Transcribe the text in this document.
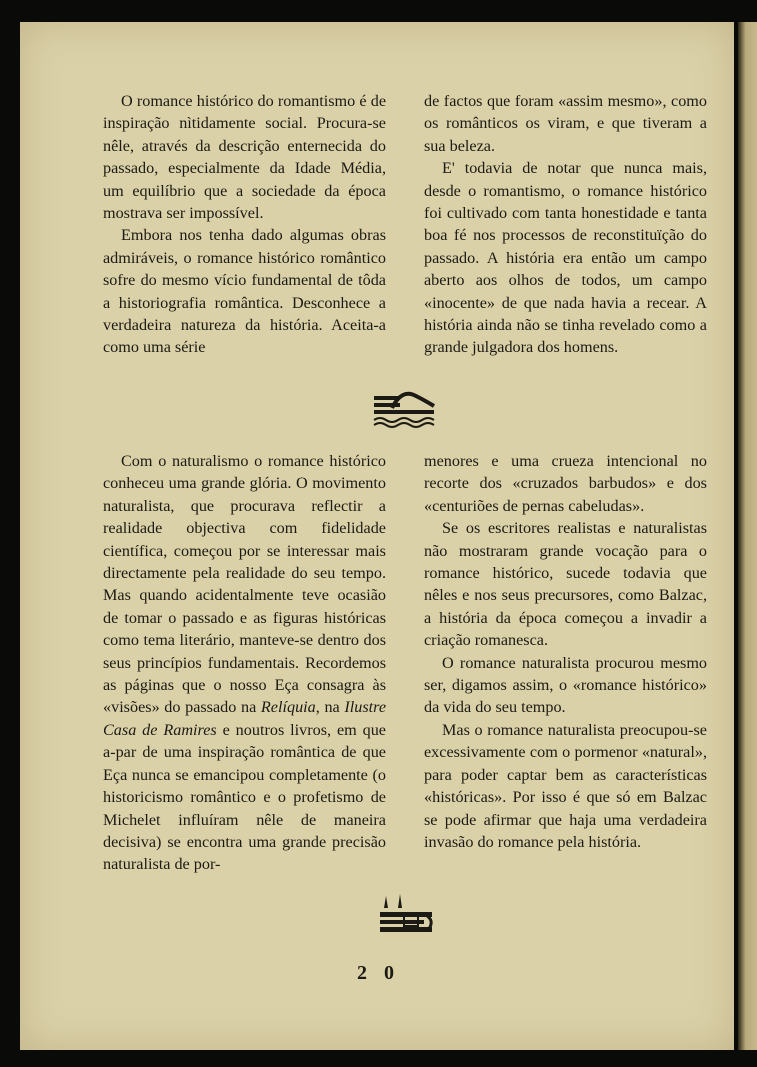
O romance histórico do romantismo é de inspiração nìtidamente social. Procura-se nêle, através da descrição enternecida do passado, especialmente da Idade Média, um equilíbrio que a sociedade da época mostrava ser impossível.

Embora nos tenha dado algumas obras admiráveis, o romance histórico romântico sofre do mesmo vício fundamental de tôda a historiografia romântica. Desconhece a verdadeira natureza da história. Aceita-a como uma série

de factos que foram «assim mesmo», como os românticos os viram, e que tiveram a sua beleza.

E' todavia de notar que nunca mais, desde o romantismo, o romance histórico foi cultivado com tanta honestidade e tanta boa fé nos processos de reconstituïção do passado. A história era então um campo aberto aos olhos de todos, um campo «inocente» de que nada havia a recear. A história ainda não se tinha revelado como a grande julgadora dos homens.

Com o naturalismo o romance histórico conheceu uma grande glória. O movimento naturalista, que procurava reflectir a realidade objectiva com fidelidade científica, começou por se interessar mais directamente pela realidade do seu tempo. Mas quando acidentalmente teve ocasião de tomar o passado e as figuras históricas como tema literário, manteve-se dentro dos seus princípios fundamentais. Recordemos as páginas que o nosso Eça consagra às «visões» do passado na Relíquia, na Ilustre Casa de Ramires e noutros livros, em que a-par de uma inspiração romântica de que Eça nunca se emancipou completamente (o historicismo romântico e o profetismo de Michelet influíram nêle de maneira decisiva) se encontra uma grande precisão naturalista de por-

menores e uma crueza intencional no recorte dos «cruzados barbudos» e dos «centuriões de pernas cabeludas».

Se os escritores realistas e naturalistas não mostraram grande vocação para o romance histórico, sucede todavia que nêles e nos seus precursores, como Balzac, a história da época começou a invadir a criação romanesca.

O romance naturalista procurou mesmo ser, digamos assim, o «romance histórico» da vida do seu tempo.

Mas o romance naturalista preocupou-se excessivamente com o pormenor «natural», para poder captar bem as características «históricas». Por isso é que só em Balzac se pode afirmar que haja uma verdadeira invasão do romance pela história.

2 0
